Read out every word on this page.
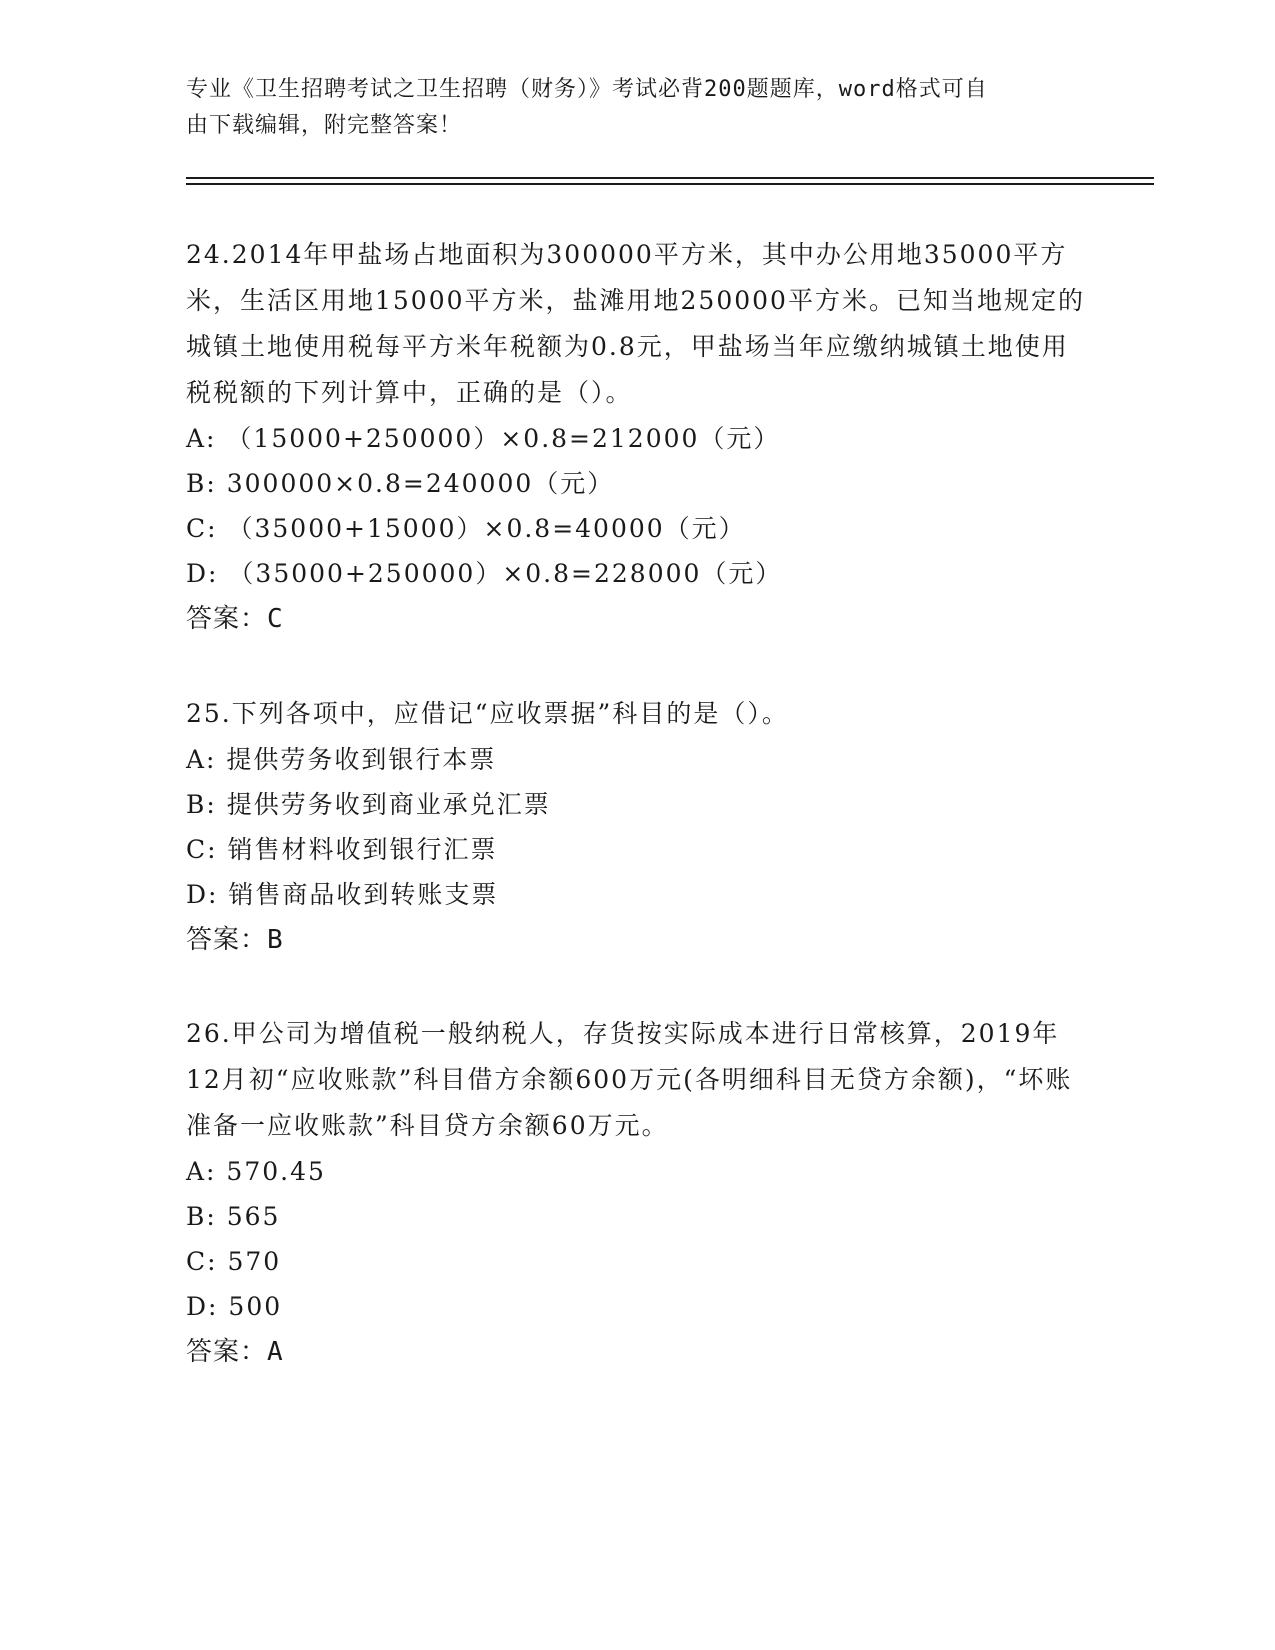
专业《卫生招聘考试之卫生招聘（财务）》考试必背200题题库，word格式可自
由下载编辑，附完整答案！

24.2014年甲盐场占地面积为300000平方米，其中办公用地35000平方米，生活区用地15000平方米，盐滩用地250000平方米。已知当地规定的城镇土地使用税每平方米年税额为0.8元，甲盐场当年应缴纳城镇土地使用税税额的下列计算中，正确的是（）。

A: （15000+250000）×0.8=212000（元）

B: 300000×0.8=240000（元）

C: （35000+15000）×0.8=40000（元）

D: （35000+250000）×0.8=228000（元）

答案：C

25.下列各项中，应借记“应收票据”科目的是（）。

A: 提供劳务收到银行本票

B: 提供劳务收到商业承兑汇票

C: 销售材料收到银行汇票

D: 销售商品收到转账支票

答案：B

26.甲公司为增值税一般纳税人，存货按实际成本进行日常核算，2019年12月初“应收账款”科目借方余额600万元(各明细科目无贷方余额)，“坏账准备一应收账款”科目贷方余额60万元。

A: 570.45

B: 565

C: 570

D: 500

答案：A
